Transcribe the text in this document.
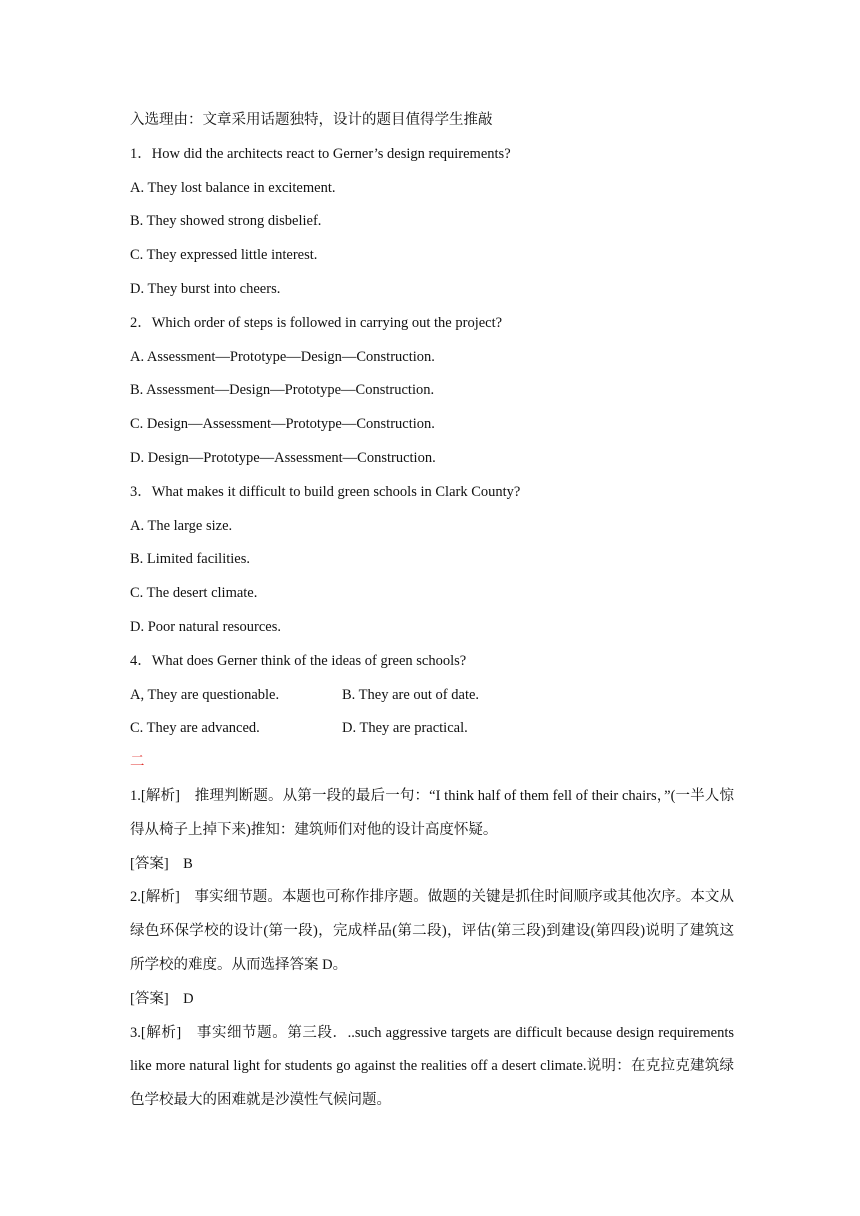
入选理由：文章采用话题独特，设计的题目值得学生推敲
1．How did the architects react to Gerner’s design requirements?
A. They lost balance in excitement.
B. They showed strong disbelief.
C. They expressed little interest.
D. They burst into cheers.
2．Which order of steps is followed in carrying out the project?
A. Assessment—Prototype—Design—Construction.
B. Assessment—Design—Prototype—Construction.
C. Design—Assessment—Prototype—Construction.
D. Design—Prototype—Assessment—Construction.
3．What makes it difficult to build green schools in Clark County?
A. The large size.
B. Limited facilities.
C. The desert climate.
D. Poor natural resources.
4．What does Gerner think of the ideas of green schools?
A, They are questionable.	B. They are out of date.
C. They are advanced.	D. They are practical.
二
1.[解析]　推理判断题。从第一段的最后一句：“I think half of them fell of their chairs，”(一半人惊得从椅子上掉下来)推知：建筑师们对他的设计高度怀疑。
[答案]　B
2.[解析]　事实细节题。本题也可称作排序题。做题的关键是抓住时间顺序或其他次序。本文从绿色环保学校的设计(第一段)，完成样品(第二段)，评估(第三段)到建设(第四段)说明了建筑这所学校的难度。从而选择答案 D。
[答案]　D
3.[解析]　事实细节题。第三段．..such aggressive targets are difficult because design requirements like more natural light for students go against the realities off a desert climate.说明：在克拉克建筑绿色学校最大的困难就是沙漠性气候问题。
